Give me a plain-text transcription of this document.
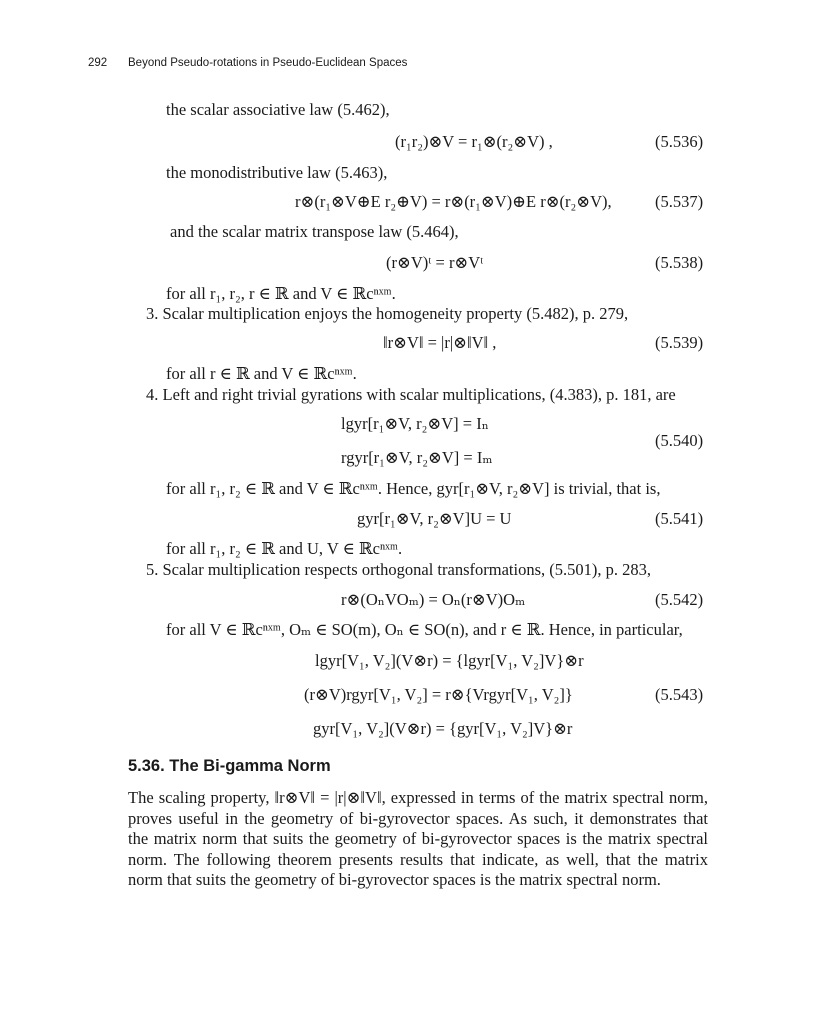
292 Beyond Pseudo-rotations in Pseudo-Euclidean Spaces
the scalar associative law (5.462),
(r₁r₂)⊗V = r₁⊗(r₂⊗V) ,	(5.536)
the monodistributive law (5.463),
r⊗(r₁⊗V⊕E r₂⊕V) = r⊗(r₁⊗V)⊕E r⊗(r₂⊗V),	(5.537)
and the scalar matrix transpose law (5.464),
(r⊗V)ᵗ = r⊗Vᵗ	(5.538)
for all r₁, r₂, r ∈ ℝ and V ∈ ℝcⁿˣᵐ.
3. Scalar multiplication enjoys the homogeneity property (5.482), p. 279,
‖r⊗V‖ = |r|⊗‖V‖ ,	(5.539)
for all r ∈ ℝ and V ∈ ℝcⁿˣᵐ.
4. Left and right trivial gyrations with scalar multiplications, (4.383), p. 181, are
lgyr[r₁⊗V, r₂⊗V] = Iₙ
(5.540)
rgyr[r₁⊗V, r₂⊗V] = Iₘ
for all r₁, r₂ ∈ ℝ and V ∈ ℝcⁿˣᵐ. Hence, gyr[r₁⊗V, r₂⊗V] is trivial, that is,
gyr[r₁⊗V, r₂⊗V]U = U	(5.541)
for all r₁, r₂ ∈ ℝ and U, V ∈ ℝcⁿˣᵐ.
5. Scalar multiplication respects orthogonal transformations, (5.501), p. 283,
r⊗(OₙVOₘ) = Oₙ(r⊗V)Oₘ	(5.542)
for all V ∈ ℝcⁿˣᵐ, Oₘ ∈ SO(m), Oₙ ∈ SO(n), and r ∈ ℝ. Hence, in particular,
lgyr[V₁, V₂](V⊗r) = {lgyr[V₁, V₂]V}⊗r
(r⊗V)rgyr[V₁, V₂] = r⊗{Vrgyr[V₁, V₂]}	(5.543)
gyr[V₁, V₂](V⊗r) = {gyr[V₁, V₂]V}⊗r
5.36. The Bi-gamma Norm
The scaling property, ‖r⊗V‖ = |r|⊗‖V‖, expressed in terms of the matrix spectral norm,
proves useful in the geometry of bi-gyrovector spaces. As such, it demonstrates that
the matrix norm that suits the geometry of bi-gyrovector spaces is the matrix spectral
norm. The following theorem presents results that indicate, as well, that the matrix
norm that suits the geometry of bi-gyrovector spaces is the matrix spectral norm.
